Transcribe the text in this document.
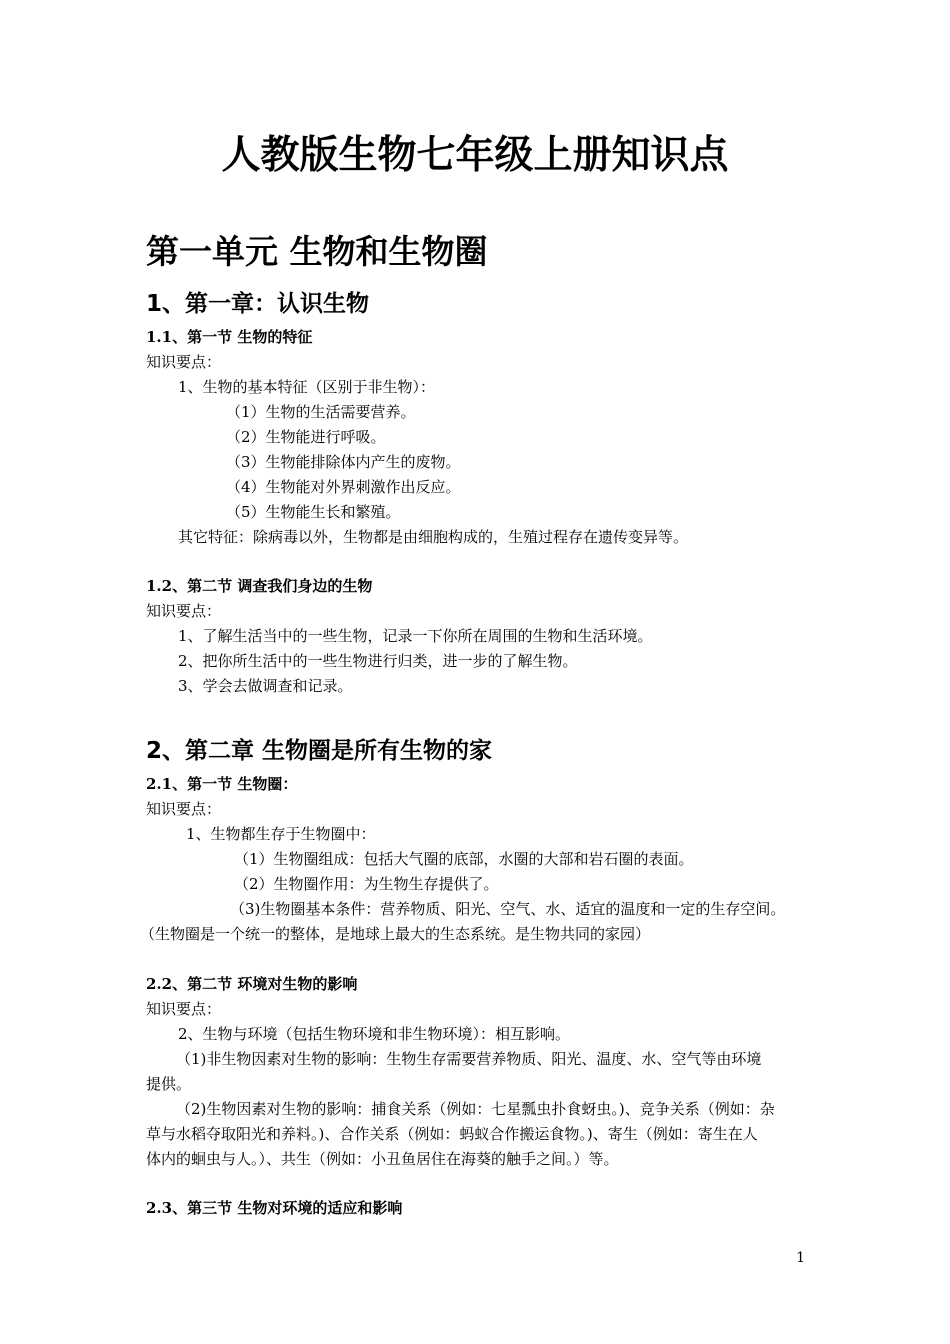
人教版生物七年级上册知识点
第一单元 生物和生物圈
1、第一章：认识生物
1.1、第一节 生物的特征

知识要点：

1、生物的基本特征（区别于非生物）：

（1）生物的生活需要营养。

（2）生物能进行呼吸。

（3）生物能排除体内产生的废物。

（4）生物能对外界刺激作出反应。

（5）生物能生长和繁殖。

其它特征：除病毒以外，生物都是由细胞构成的，生殖过程存在遗传变异等。

1.2、第二节 调查我们身边的生物

知识要点：

1、了解生活当中的一些生物，记录一下你所在周围的生物和生活环境。

2、把你所生活中的一些生物进行归类，进一步的了解生物。

3、学会去做调查和记录。

2、第二章 生物圈是所有生物的家
2.1、第一节 生物圈：

知识要点：

1、生物都生存于生物圈中：

（1）生物圈组成：包括大气圈的底部，水圈的大部和岩石圈的表面。

（2）生物圈作用：为生物生存提供了。

（3)生物圈基本条件：营养物质、阳光、空气、水、适宜的温度和一定的生存空间。

（生物圈是一个统一的整体，是地球上最大的生态系统。是生物共同的家园）

2.2、第二节 环境对生物的影响

知识要点：

2、生物与环境（包括生物环境和非生物环境）：相互影响。

（1)非生物因素对生物的影响：生物生存需要营养物质、阳光、温度、水、空气等由环境

提供。

（2)生物因素对生物的影响：捕食关系（例如：七星瓢虫扑食蚜虫。)、竞争关系（例如：杂

草与水稻夺取阳光和养料。)、合作关系（例如：蚂蚁合作搬运食物。)、寄生（例如：寄生在人

体内的蛔虫与人。）、共生（例如：小丑鱼居住在海葵的触手之间。）等。

2.3、第三节 生物对环境的适应和影响

1
